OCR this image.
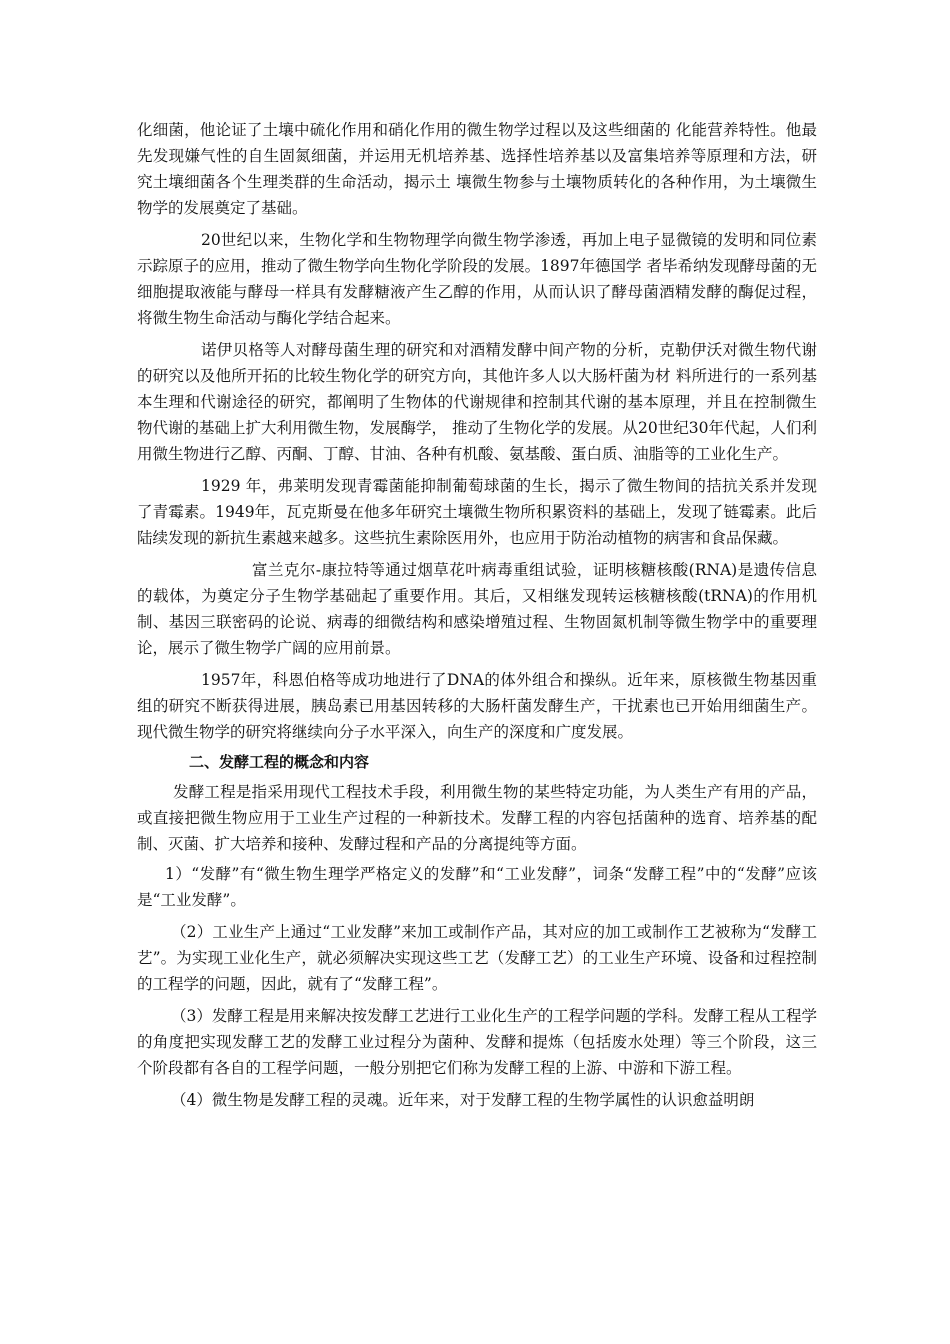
化细菌，他论证了土壤中硫化作用和硝化作用的微生物学过程以及这些细菌的 化能营养特性。他最先发现嫌气性的自生固氮细菌，并运用无机培养基、选择性培养基以及富集培养等原理和方法，研究土壤细菌各个生理类群的生命活动，揭示土 壤微生物参与土壤物质转化的各种作用，为土壤微生物学的发展奠定了基础。

20世纪以来，生物化学和生物物理学向微生物学渗透，再加上电子显微镜的发明和同位素示踪原子的应用，推动了微生物学向生物化学阶段的发展。1897年德国学 者毕希纳发现酵母菌的无细胞提取液能与酵母一样具有发酵糖液产生乙醇的作用，从而认识了酵母菌酒精发酵的酶促过程，将微生物生命活动与酶化学结合起来。

诺伊贝格等人对酵母菌生理的研究和对酒精发酵中间产物的分析，克勒伊沃对微生物代谢的研究以及他所开拓的比较生物化学的研究方向，其他许多人以大肠杆菌为材 料所进行的一系列基本生理和代谢途径的研究，都阐明了生物体的代谢规律和控制其代谢的基本原理，并且在控制微生物代谢的基础上扩大利用微生物，发展酶学， 推动了生物化学的发展。从20世纪30年代起，人们利用微生物进行乙醇、丙酮、丁醇、甘油、各种有机酸、氨基酸、蛋白质、油脂等的工业化生产。

1929 年，弗莱明发现青霉菌能抑制葡萄球菌的生长，揭示了微生物间的拮抗关系并发现了青霉素。1949年，瓦克斯曼在他多年研究土壤微生物所积累资料的基础上，发现了链霉素。此后陆续发现的新抗生素越来越多。这些抗生素除医用外，也应用于防治动植物的病害和食品保藏。

富兰克尔-康拉特等通过烟草花叶病毒重组试验，证明核糖核酸(RNA)是遗传信息的载体，为奠定分子生物学基础起了重要作用。其后，又相继发现转运核糖核酸(tRNA)的作用机制、基因三联密码的论说、病毒的细微结构和感染增殖过程、生物固氮机制等微生物学中的重要理论，展示了微生物学广阔的应用前景。

1957年，科恩伯格等成功地进行了DNA的体外组合和操纵。近年来，原核微生物基因重组的研究不断获得进展，胰岛素已用基因转移的大肠杆菌发酵生产，干扰素也已开始用细菌生产。现代微生物学的研究将继续向分子水平深入，向生产的深度和广度发展。

二、发酵工程的概念和内容

发酵工程是指采用现代工程技术手段，利用微生物的某些特定功能，为人类生产有用的产品，或直接把微生物应用于工业生产过程的一种新技术。发酵工程的内容包括菌种的选育、培养基的配制、灭菌、扩大培养和接种、发酵过程和产品的分离提纯等方面。

1）“发酵”有“微生物生理学严格定义的发酵”和“工业发酵”，词条“发酵工程”中的“发酵”应该是“工业发酵”。

（2）工业生产上通过“工业发酵”来加工或制作产品，其对应的加工或制作工艺被称为“发酵工艺”。为实现工业化生产，就必须解决实现这些工艺（发酵工艺）的工业生产环境、设备和过程控制的工程学的问题，因此，就有了“发酵工程”。

（3）发酵工程是用来解决按发酵工艺进行工业化生产的工程学问题的学科。发酵工程从工程学的角度把实现发酵工艺的发酵工业过程分为菌种、发酵和提炼（包括废水处理）等三个阶段，这三个阶段都有各自的工程学问题，一般分别把它们称为发酵工程的上游、中游和下游工程。

（4）微生物是发酵工程的灵魂。近年来，对于发酵工程的生物学属性的认识愈益明朗
